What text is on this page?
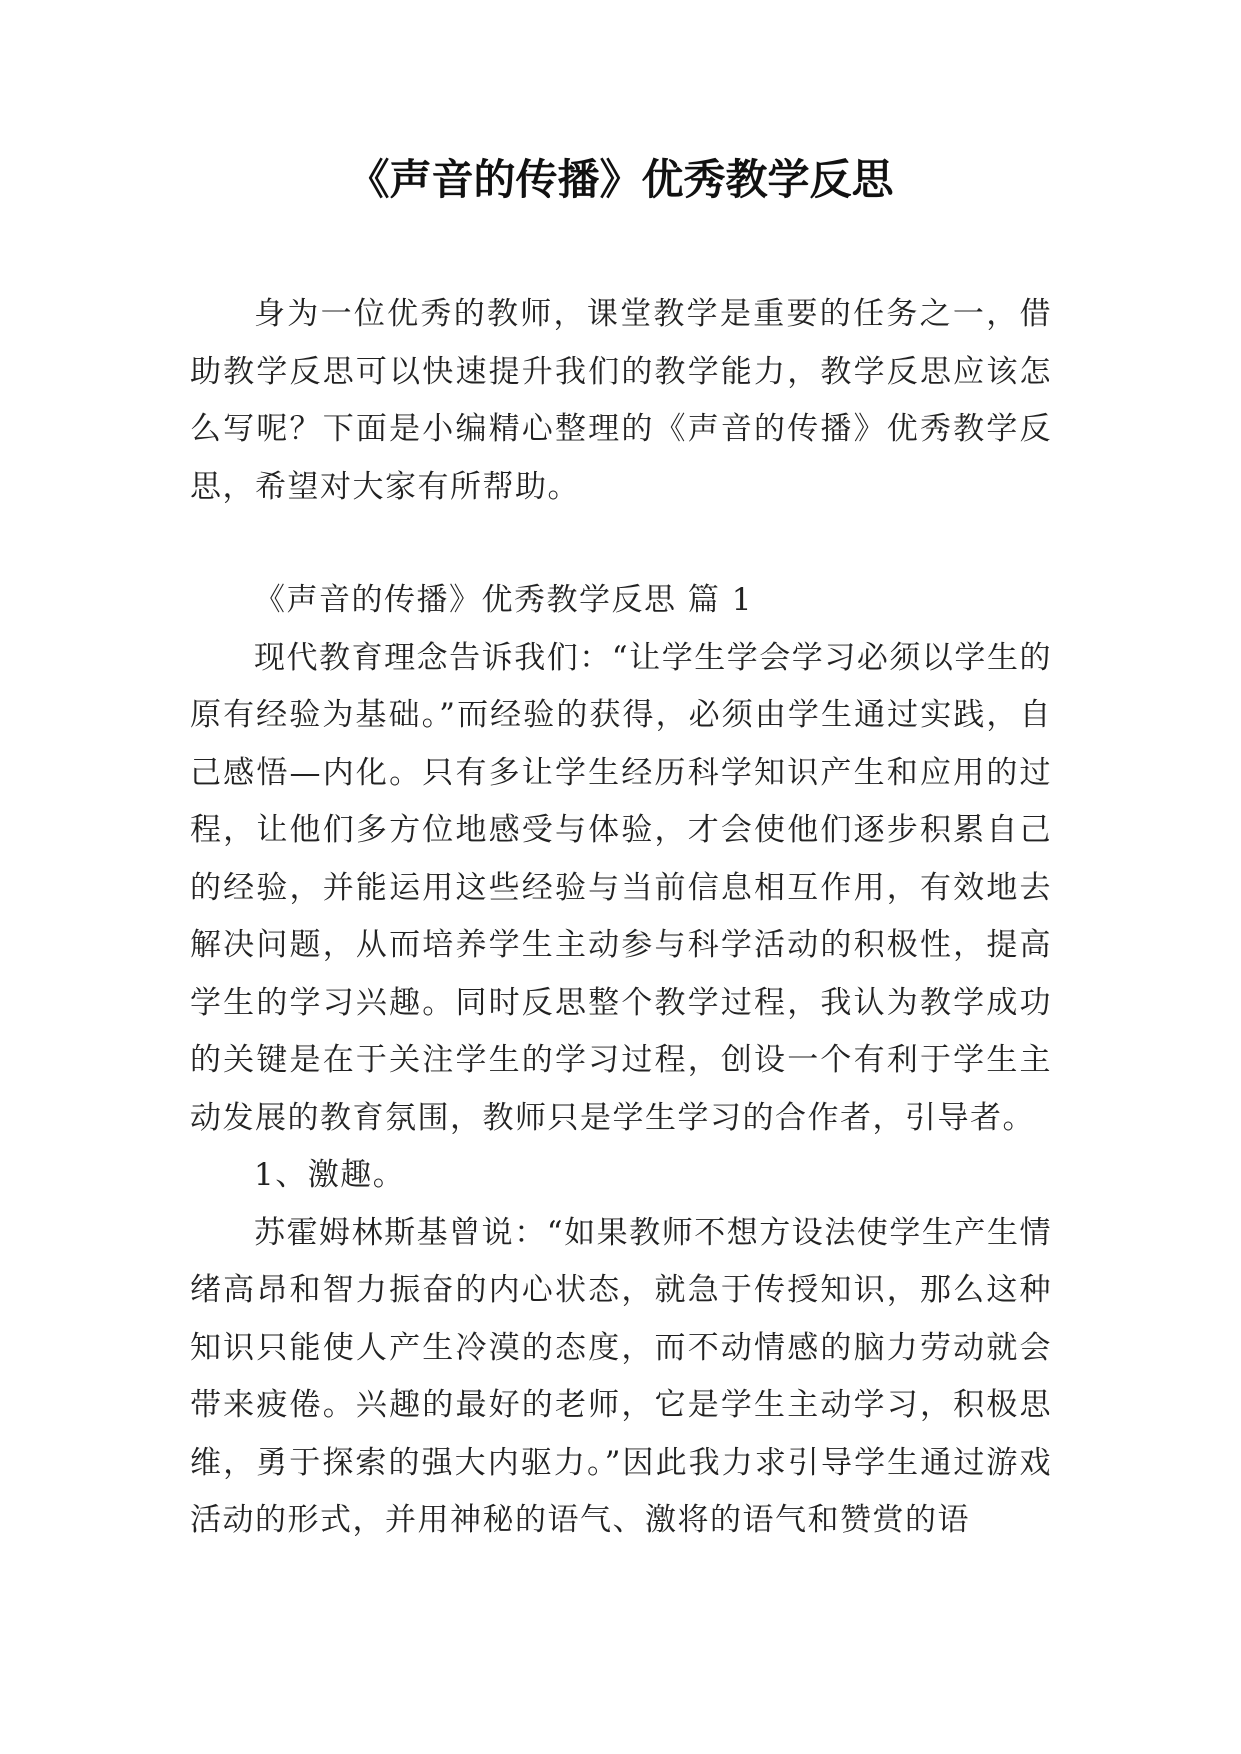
《声音的传播》优秀教学反思

身为一位优秀的教师，课堂教学是重要的任务之一，借助教学反思可以快速提升我们的教学能力，教学反思应该怎么写呢？下面是小编精心整理的《声音的传播》优秀教学反思，希望对大家有所帮助。

《声音的传播》优秀教学反思 篇 1

现代教育理念告诉我们：“让学生学会学习必须以学生的原有经验为基础。”而经验的获得，必须由学生通过实践，自己感悟—内化。只有多让学生经历科学知识产生和应用的过程，让他们多方位地感受与体验，才会使他们逐步积累自己的经验，并能运用这些经验与当前信息相互作用，有效地去解决问题，从而培养学生主动参与科学活动的积极性，提高学生的学习兴趣。同时反思整个教学过程，我认为教学成功的关键是在于关注学生的学习过程，创设一个有利于学生主动发展的教育氛围，教师只是学生学习的合作者，引导者。

1、激趣。

苏霍姆林斯基曾说：“如果教师不想方设法使学生产生情绪高昂和智力振奋的内心状态，就急于传授知识，那么这种知识只能使人产生冷漠的态度，而不动情感的脑力劳动就会带来疲倦。兴趣的最好的老师，它是学生主动学习，积极思维，勇于探索的强大内驱力。”因此我力求引导学生通过游戏活动的形式，并用神秘的语气、激将的语气和赞赏的语
